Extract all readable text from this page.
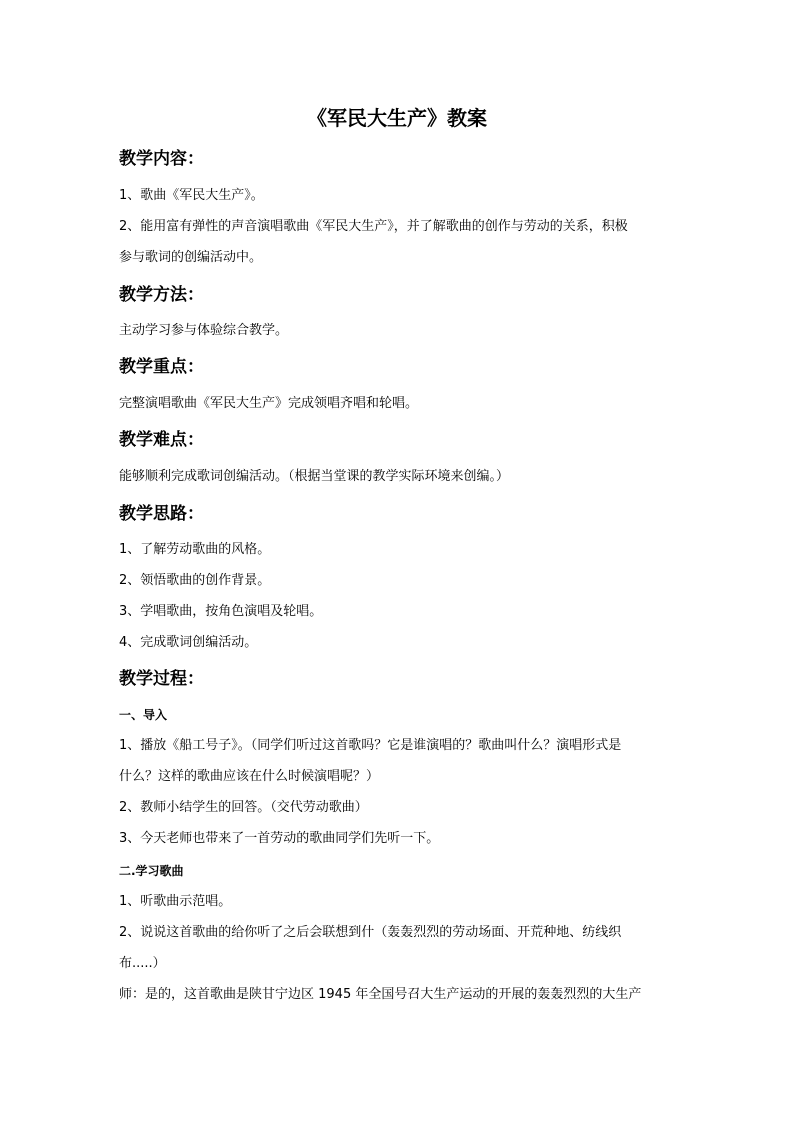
《军民大生产》教案
教学内容：
1、歌曲《军民大生产》。
2、能用富有弹性的声音演唱歌曲《军民大生产》，并了解歌曲的创作与劳动的关系，积极
参与歌词的创编活动中。
教学方法：
主动学习参与体验综合教学。
教学重点：
完整演唱歌曲《军民大生产》完成领唱齐唱和轮唱。
教学难点：
能够顺利完成歌词创编活动。（根据当堂课的教学实际环境来创编。）
教学思路：
1、了解劳动歌曲的风格。
2、领悟歌曲的创作背景。
3、学唱歌曲，按角色演唱及轮唱。
4、完成歌词创编活动。
教学过程：
一、导入
1、播放《船工号子》。（同学们听过这首歌吗？它是谁演唱的？歌曲叫什么？演唱形式是
什么？这样的歌曲应该在什么时候演唱呢？）
2、教师小结学生的回答。（交代劳动歌曲）
3、今天老师也带来了一首劳动的歌曲同学们先听一下。
二.学习歌曲
1、听歌曲示范唱。
2、说说这首歌曲的给你听了之后会联想到什（轰轰烈烈的劳动场面、开荒种地、纺线织
布.....）
师：是的，这首歌曲是陕甘宁边区 1945 年全国号召大生产运动的开展的轰轰烈烈的大生产
